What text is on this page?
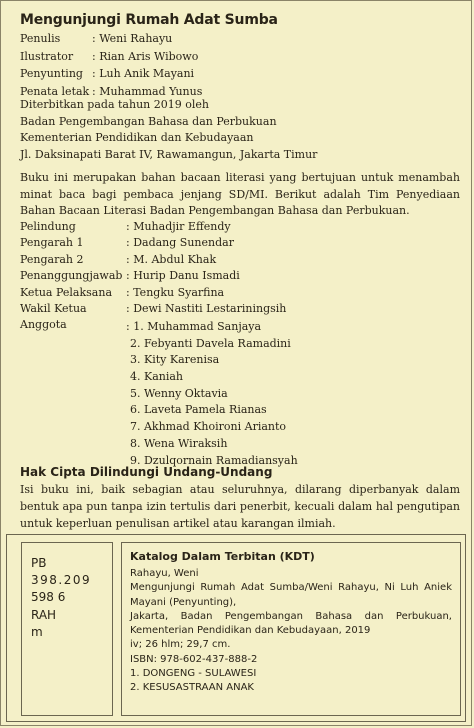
Mengunjungi Rumah Adat Sumba
Penulis	: Weni Rahayu
Ilustrator	: Rian Aris Wibowo
Penyunting : Luh Anik Mayani
Penata letak : Muhammad Yunus
Diterbitkan pada tahun 2019 oleh
Badan Pengembangan Bahasa dan Perbukuan
Kementerian Pendidikan dan Kebudayaan
Jl. Daksinapati Barat IV, Rawamangun, Jakarta Timur

Buku ini merupakan bahan bacaan literasi yang bertujuan untuk menambah minat baca bagi pembaca jenjang SD/MI. Berikut adalah Tim Penyediaan Bahan Bacaan Literasi Badan Pengembangan Bahasa dan Perbukuan.

Pelindung	: Muhadjir Effendy
Pengarah 1	: Dadang Sunendar
Pengarah 2	: M. Abdul Khak
Penanggungjawab : Hurip Danu Ismadi
Ketua Pelaksana	: Tengku Syarfina
Wakil Ketua	: Dewi Nastiti Lestariningsih
Anggota	: 1. Muhammad Sanjaya
2. Febyanti Davela Ramadini
3. Kity Karenisa
4. Kaniah
5. Wenny Oktavia
6. Laveta Pamela Rianas
7. Akhmad Khoironi Arianto
8. Wena Wiraksih
9. Dzulqornain Ramadiansyah
Hak Cipta Dilindungi Undang-Undang

Isi buku ini, baik sebagian atau seluruhnya, dilarang diperbanyak dalam bentuk apa pun tanpa izin tertulis dari penerbit, kecuali dalam hal pengutipan untuk keperluan penulisan artikel atau karangan ilmiah.

PB
398.209
598 6
RAH
m
Katalog Dalam Terbitan (KDT)
Rahayu, Weni
Mengunjungi Rumah Adat Sumba/Weni Rahayu, Ni Luh Aniek Mayani (Penyunting),
Jakarta, Badan Pengembangan Bahasa dan Perbukuan, Kementerian Pendidikan dan Kebudayaan, 2019
iv; 26 hlm; 29,7 cm.
ISBN: 978-602-437-888-2
1. DONGENG - SULAWESI
2. KESUSASTRAAN ANAK
